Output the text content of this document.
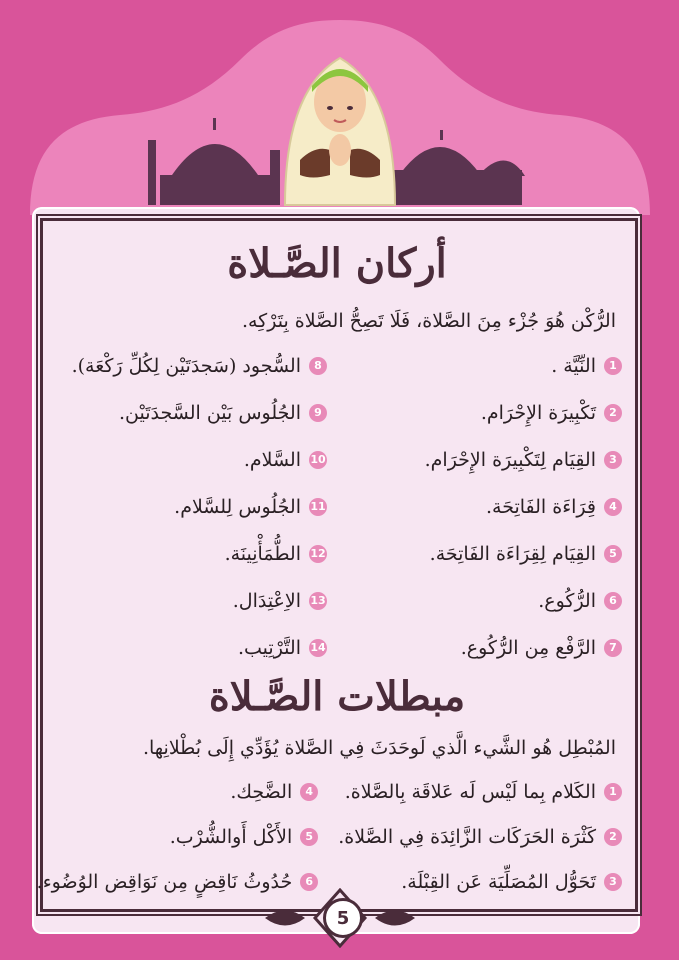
أركان الصَّـلاة
الرُّكْن هُوَ جُزْء مِنَ الصَّلاة، فَلَا تَصِحُّ الصَّلاة بِتَرْكِه.
1
النِّيَّة .
8
السُّجود (سَجدَتَيْن لِكُلِّ رَكْعَة).
2
تَكْبِيرَة الإِحْرَام.
9
الجُلُوس بَيْن السَّجدَتَيْن.
3
القِيَام لِتَكْبِيرَة الإِحْرَام.
10
السَّلام.
4
قِرَاءَة الفَاتِحَة.
11
الجُلُوس لِلسَّلام.
5
القِيَام لِقِرَاءَة الفَاتِحَة.
12
الطُّمَأْنِينَة.
6
الرُّكُوع.
13
الاِعْتِدَال.
7
الرَّفْع مِن الرُّكُوع.
14
التَّرْتِيب.
مبطلات الصَّـلاة
المُبْطِل هُو الشَّيء الَّذي لَوحَدَثَ فِي الصَّلاة يُؤَدِّي إِلَى بُطْلانِها.
1
الكَلام بِما لَيْس لَه عَلاقَة بِالصَّلاة.
4
الضَّحِك.
2
كَثْرَة الحَرَكَات الزَّائِدَة فِي الصَّلاة.
5
الأَكْل أَوالشُّرْب.
3
تَحَوُّل المُصَلِّيَة عَن القِبْلَة.
6
حُدُوثُ نَاقِضٍ مِن نَوَاقِض الوُضُوء.
5
